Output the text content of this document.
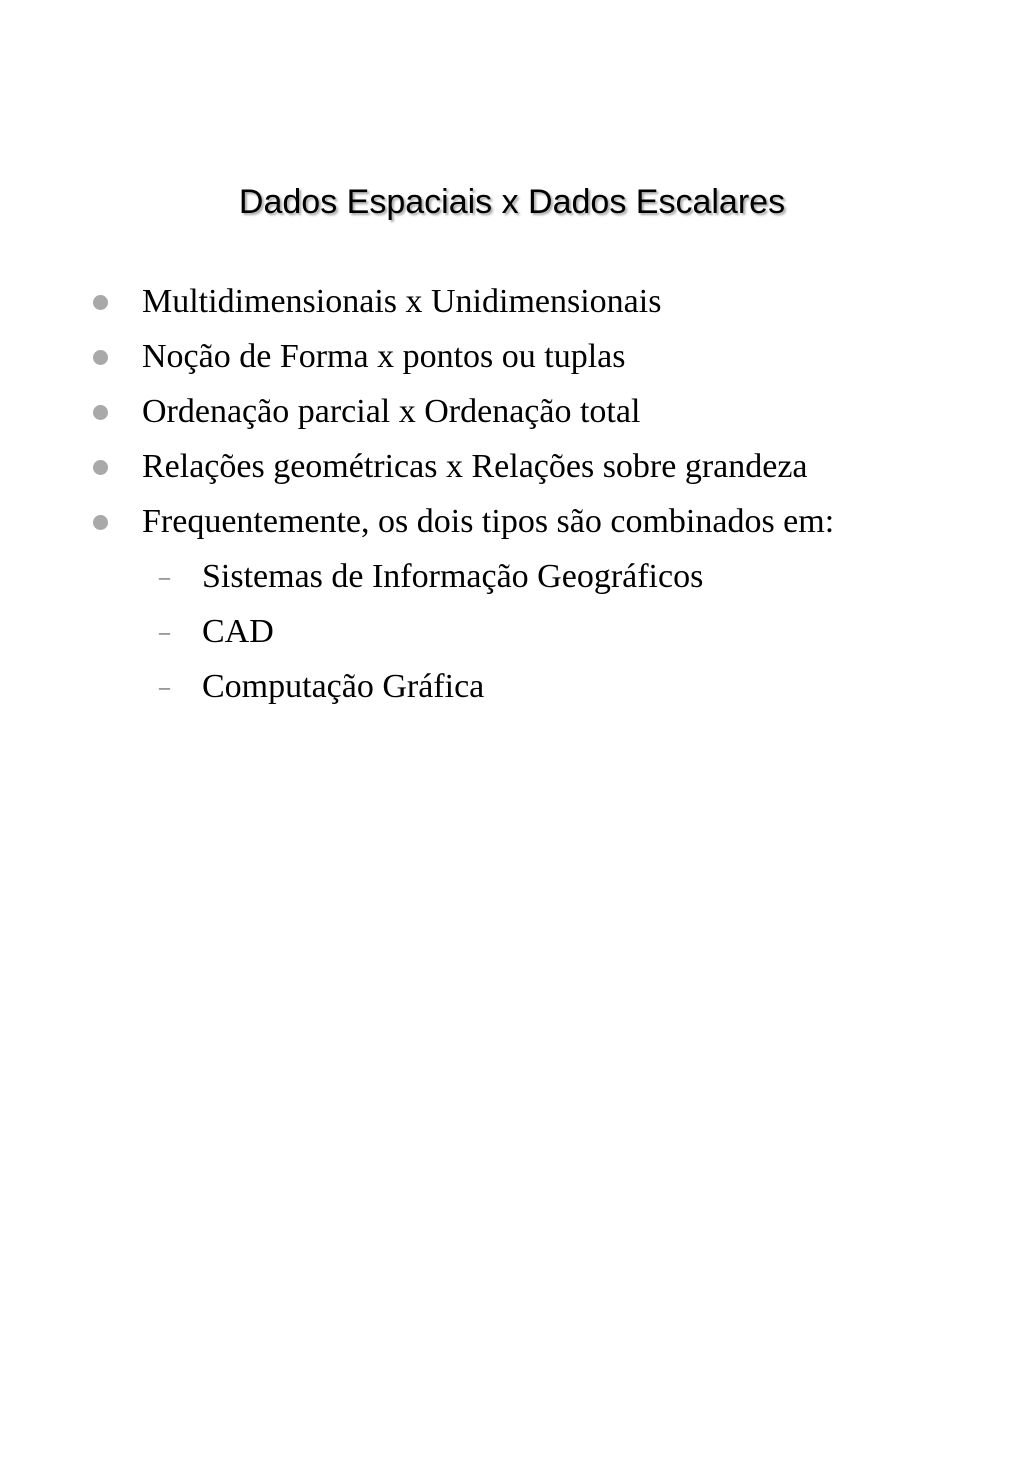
Dados Espaciais x Dados Escalares
Multidimensionais x Unidimensionais
Noção de Forma x pontos ou tuplas
Ordenação parcial x Ordenação total
Relações geométricas x Relações sobre grandeza
Frequentemente, os dois tipos são combinados em:
– Sistemas de Informação Geográficos
– CAD
– Computação Gráfica
